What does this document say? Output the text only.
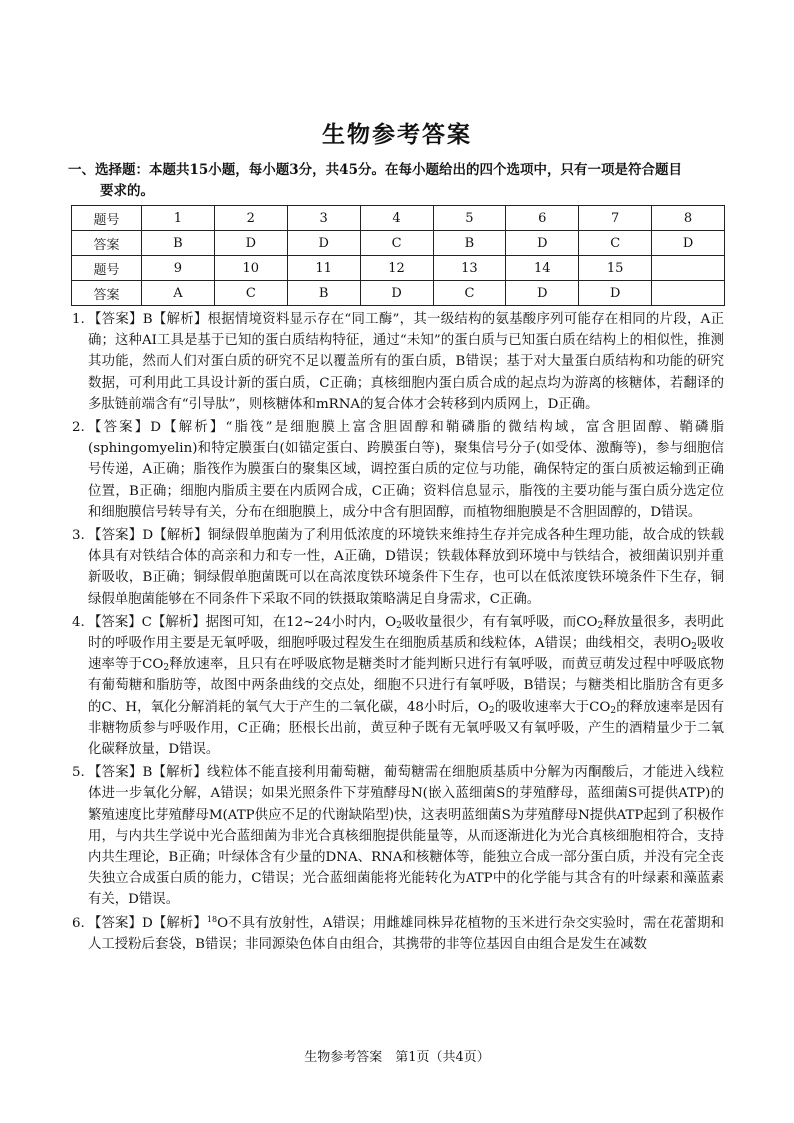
生物参考答案
一、选择题：本题共15小题，每小题3分，共45分。在每小题给出的四个选项中，只有一项是符合题目
要求的。
题号	1	2	3	4	5	6	7	8
答案	B	D	D	C	B	D	C	D
题号	9	10	11	12	13	14	15	
答案	A	C	B	D	C	D	D	
1. 【答案】B【解析】根据情境资料显示存在“同工酶”，其一级结构的氨基酸序列可能存在相同的片段，A正确；这种AI工具是基于已知的蛋白质结构特征，通过“未知”的蛋白质与已知蛋白质在结构上的相似性，推测其功能，然而人们对蛋白质的研究不足以覆盖所有的蛋白质，B错误；基于对大量蛋白质结构和功能的研究数据，可利用此工具设计新的蛋白质，C正确；真核细胞内蛋白质合成的起点均为游离的核糖体，若翻译的多肽链前端含有“引导肽”，则核糖体和mRNA的复合体才会转移到内质网上，D正确。
2. 【答案】D【解析】“脂筏”是细胞膜上富含胆固醇和鞘磷脂的微结构域，富含胆固醇、鞘磷脂(sphingomyelin)和特定膜蛋白(如锚定蛋白、跨膜蛋白等)，聚集信号分子(如受体、激酶等)，参与细胞信号传递，A正确；脂筏作为膜蛋白的聚集区域，调控蛋白质的定位与功能，确保特定的蛋白质被运输到正确位置，B正确；细胞内脂质主要在内质网合成，C正确；资料信息显示，脂筏的主要功能与蛋白质分选定位和细胞膜信号转导有关，分布在细胞膜上，成分中含有胆固醇，而植物细胞膜是不含胆固醇的，D错误。
3. 【答案】D【解析】铜绿假单胞菌为了利用低浓度的环境铁来维持生存并完成各种生理功能，故合成的铁载体具有对铁结合体的高亲和力和专一性，A正确，D错误；铁载体释放到环境中与铁结合，被细菌识别并重新吸收，B正确；铜绿假单胞菌既可以在高浓度铁环境条件下生存，也可以在低浓度铁环境条件下生存，铜绿假单胞菌能够在不同条件下采取不同的铁摄取策略满足自身需求，C正确。
4. 【答案】C【解析】据图可知，在12~24小时内，$O_2$吸收量很少，有有氧呼吸，而$CO_2$释放量很多，表明此时的呼吸作用主要是无氧呼吸，细胞呼吸过程发生在细胞质基质和线粒体，A错误；曲线相交，表明$O_2$吸收速率等于$CO_2$释放速率，且只有在呼吸底物是糖类时才能判断只进行有氧呼吸，而黄豆萌发过程中呼吸底物有葡萄糖和脂肪等，故图中两条曲线的交点处，细胞不只进行有氧呼吸，B错误；与糖类相比脂肪含有更多的C、H，氧化分解消耗的氧气大于产生的二氧化碳，48小时后，$O_2$的吸收速率大于$CO_2$的释放速率是因有非糖物质参与呼吸作用，C正确；胚根长出前，黄豆种子既有无氧呼吸又有氧呼吸，产生的酒精量少于二氧化碳释放量，D错误。
5. 【答案】B【解析】线粒体不能直接利用葡萄糖，葡萄糖需在细胞质基质中分解为丙酮酸后，才能进入线粒体进一步氧化分解，A错误；如果光照条件下芽殖酵母N(嵌入蓝细菌S的芽殖酵母，蓝细菌S可提供ATP)的繁殖速度比芽殖酵母M(ATP供应不足的代谢缺陷型)快，这表明蓝细菌S为芽殖酵母N提供ATP起到了积极作用，与内共生学说中光合蓝细菌为非光合真核细胞提供能量等，从而逐渐进化为光合真核细胞相符合，支持内共生理论，B正确；叶绿体含有少量的DNA、RNA和核糖体等，能独立合成一部分蛋白质，并没有完全丧失独立合成蛋白质的能力，C错误；光合蓝细菌能将光能转化为ATP中的化学能与其含有的叶绿素和藻蓝素有关，D错误。
6. 【答案】D【解析】$^{18}$O不具有放射性，A错误；用雌雄同株异花植物的玉米进行杂交实验时，需在花蕾期和人工授粉后套袋，B错误；非同源染色体自由组合，其携带的非等位基因自由组合是发生在减数
生物参考答案　第1页（共4页）
